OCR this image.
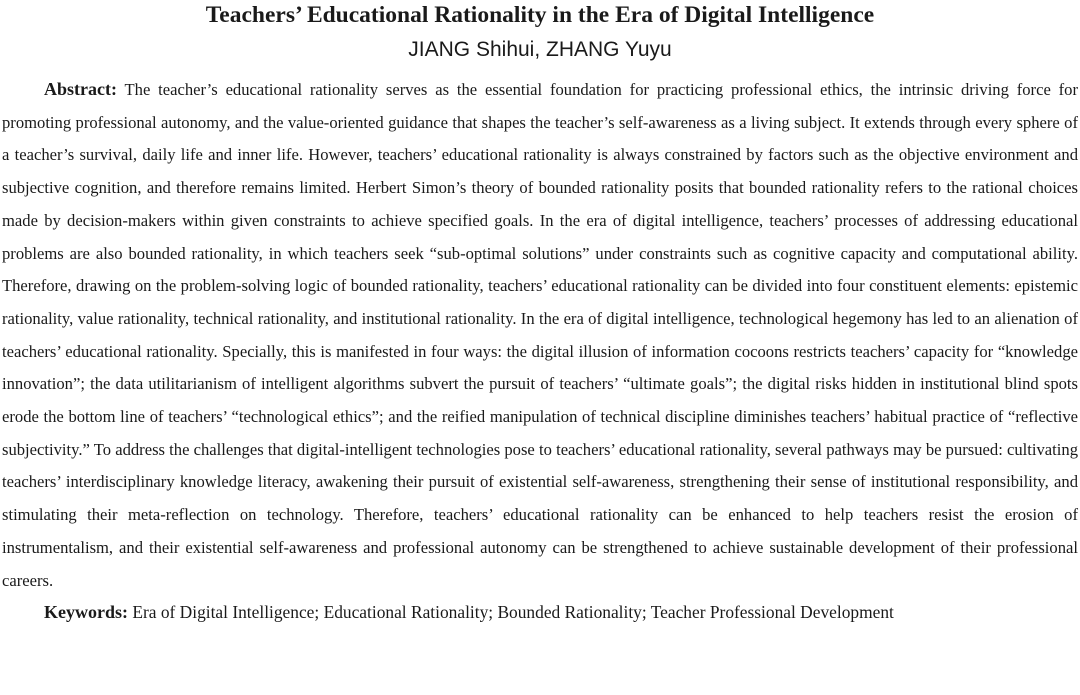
Teachers’ Educational Rationality in the Era of Digital Intelligence
JIANG Shihui, ZHANG Yuyu

Abstract: The teacher’s educational rationality serves as the essential foundation for practicing professional ethics, the intrinsic driving force for promoting professional autonomy, and the value-oriented guidance that shapes the teacher’s self-awareness as a living subject. It extends through every sphere of a teacher’s survival, daily life and inner life. However, teachers’ educational rationality is always constrained by factors such as the objective environment and subjective cognition, and therefore remains limited. Herbert Simon’s theory of bounded rationality posits that bounded rationality refers to the rational choices made by decision-makers within given constraints to achieve specified goals. In the era of digital intelligence, teachers’ processes of addressing educational problems are also bounded rationality, in which teachers seek “sub-optimal solutions” under constraints such as cognitive capacity and computational ability. Therefore, drawing on the problem-solving logic of bounded rationality, teachers’ educational rationality can be divided into four constituent elements: epistemic rationality, value rationality, technical rationality, and institutional rationality. In the era of digital intelligence, technological hegemony has led to an alienation of teachers’ educational rationality. Specially, this is manifested in four ways: the digital illusion of information cocoons restricts teachers’ capacity for “knowledge innovation”; the data utilitarianism of intelligent algorithms subvert the pursuit of teachers’ “ultimate goals”; the digital risks hidden in institutional blind spots erode the bottom line of teachers’ “technological ethics”; and the reified manipulation of technical discipline diminishes teachers’ habitual practice of “reflective subjectivity.” To address the challenges that digital-intelligent technologies pose to teachers’ educational rationality, several pathways may be pursued: cultivating teachers’ interdisciplinary knowledge literacy, awakening their pursuit of existential self-awareness, strengthening their sense of institutional responsibility, and stimulating their meta-reflection on technology. Therefore, teachers’ educational rationality can be enhanced to help teachers resist the erosion of instrumentalism, and their existential self-awareness and professional autonomy can be strengthened to achieve sustainable development of their professional careers.

Keywords: Era of Digital Intelligence; Educational Rationality; Bounded Rationality; Teacher Professional Development
